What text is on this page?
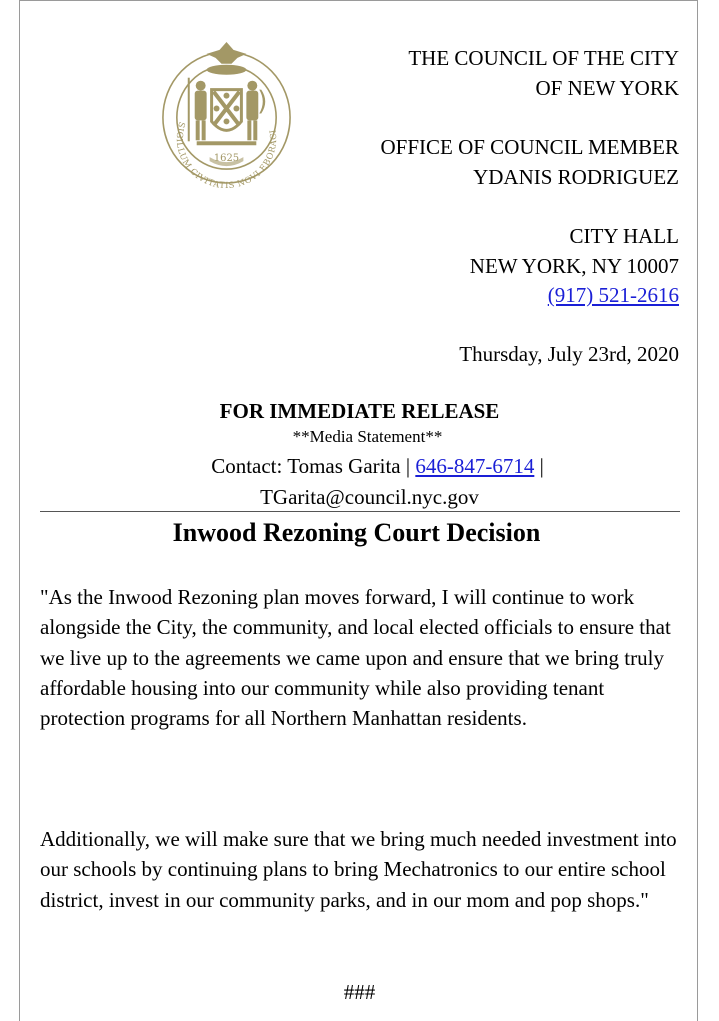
SIGILLUM CIVITATIS NOVI EBORACI
1625
THE COUNCIL OF THE CITY
OF NEW YORK
OFFICE OF COUNCIL MEMBER
YDANIS RODRIGUEZ
CITY HALL
NEW YORK, NY 10007
(917) 521-2616
Thursday, July 23rd, 2020
FOR IMMEDIATE RELEASE
**Media Statement**
Contact: Tomas Garita | 646-847-6714 |
TGarita@council.nyc.gov
Inwood Rezoning Court Decision
"As the Inwood Rezoning plan moves forward, I will continue to work alongside the City, the community, and local elected officials to ensure that we live up to the agreements we came upon and ensure that we bring truly affordable housing into our community while also providing tenant protection programs for all Northern Manhattan residents.
Additionally, we will make sure that we bring much needed investment into our schools by continuing plans to bring Mechatronics to our entire school district, invest in our community parks, and in our mom and pop shops."
###
